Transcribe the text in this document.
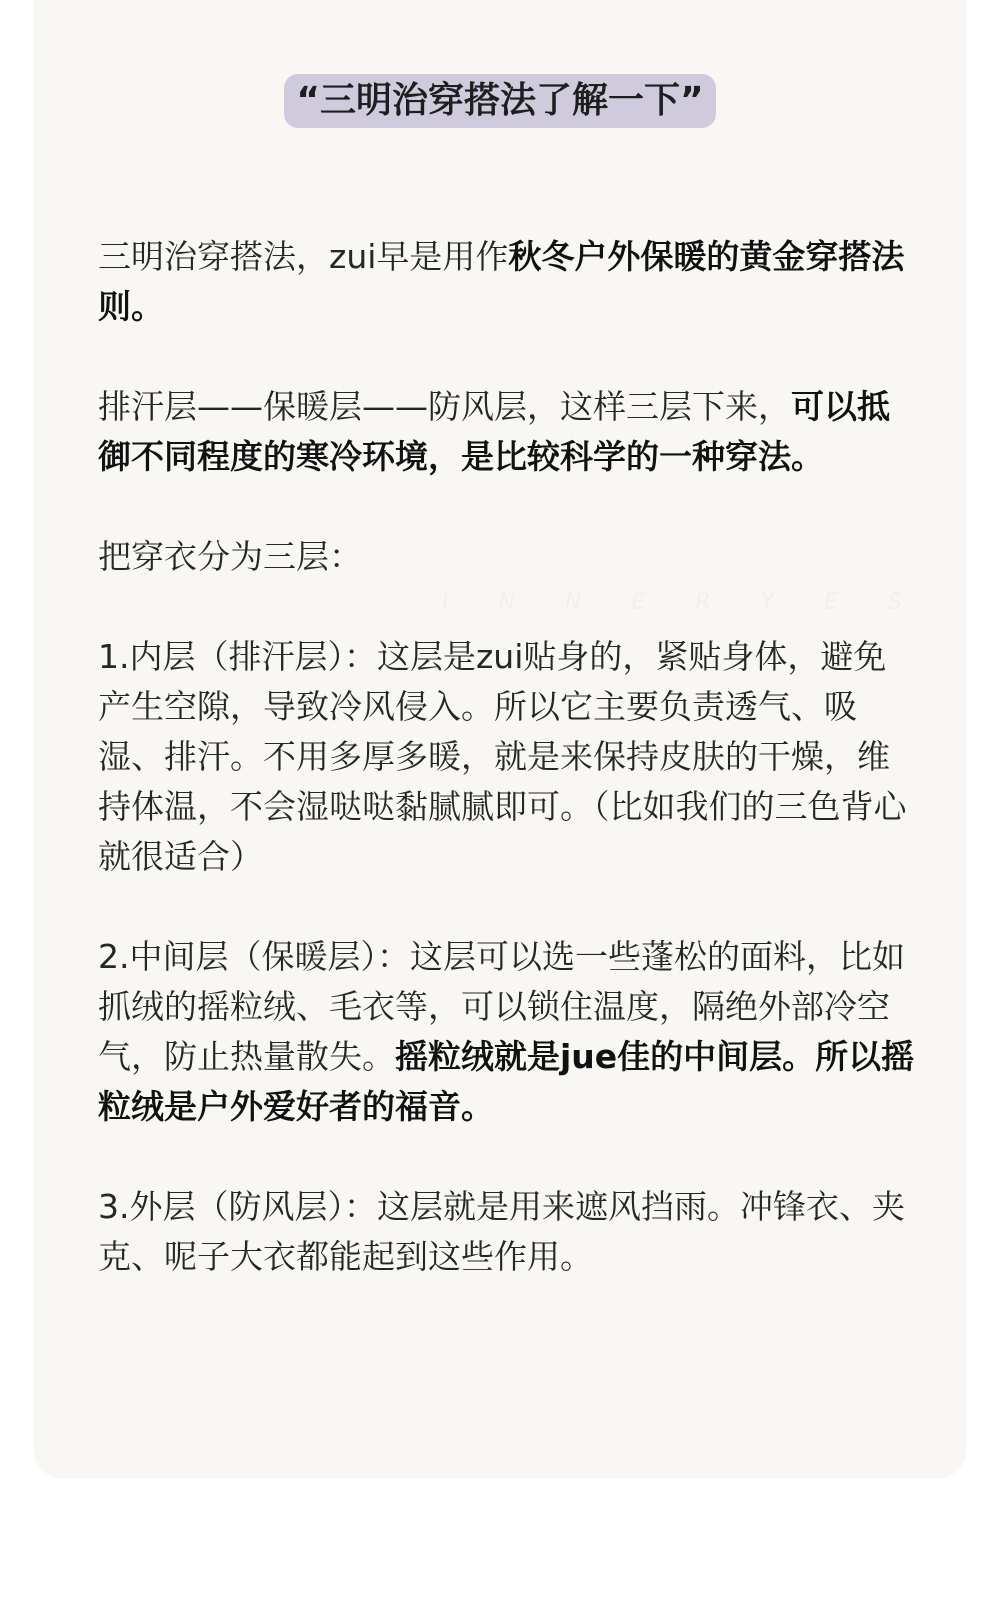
“三明治穿搭法了解一下”
INNERYES

三明治穿搭法，zui早是用作秋冬户外保暖的黄金穿搭法则。

排汗层——保暖层——防风层，这样三层下来，可以抵御不同程度的寒冷环境，是比较科学的一种穿法。

把穿衣分为三层：

1.内层（排汗层）：这层是zui贴身的，紧贴身体，避免产生空隙，导致冷风侵入。所以它主要负责透气、吸湿、排汗。不用多厚多暖，就是来保持皮肤的干燥，维持体温，不会湿哒哒黏腻腻即可。（比如我们的三色背心就很适合）

2.中间层（保暖层）：这层可以选一些蓬松的面料，比如抓绒的摇粒绒、毛衣等，可以锁住温度，隔绝外部冷空气，防止热量散失。摇粒绒就是jue佳的中间层。所以摇粒绒是户外爱好者的福音。

3.外层（防风层）：这层就是用来遮风挡雨。冲锋衣、夹克、呢子大衣都能起到这些作用。
